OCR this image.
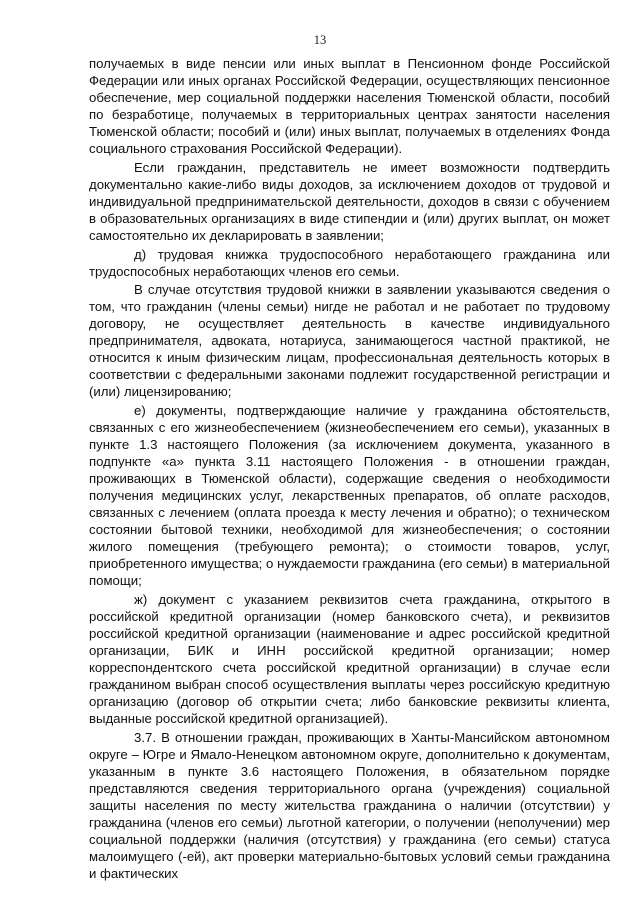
13

получаемых в виде пенсии или иных выплат в Пенсионном фонде Российской Федерации или иных органах Российской Федерации, осуществляющих пенсионное обеспечение, мер социальной поддержки населения Тюменской области, пособий по безработице, получаемых в территориальных центрах занятости населения Тюменской области; пособий и (или) иных выплат, получаемых в отделениях Фонда социального страхования Российской Федерации).

Если гражданин, представитель не имеет возможности подтвердить документально какие-либо виды доходов, за исключением доходов от трудовой и индивидуальной предпринимательской деятельности, доходов в связи с обучением в образовательных организациях в виде стипендии и (или) других выплат, он может самостоятельно их декларировать в заявлении;

д) трудовая книжка трудоспособного неработающего гражданина или трудоспособных неработающих членов его семьи.

В случае отсутствия трудовой книжки в заявлении указываются сведения о том, что гражданин (члены семьи) нигде не работал и не работает по трудовому договору, не осуществляет деятельность в качестве индивидуального предпринимателя, адвоката, нотариуса, занимающегося частной практикой, не относится к иным физическим лицам, профессиональная деятельность которых в соответствии с федеральными законами подлежит государственной регистрации и (или) лицензированию;

е) документы, подтверждающие наличие у гражданина обстоятельств, связанных с его жизнеобеспечением (жизнеобеспечением его семьи), указанных в пункте 1.3 настоящего Положения (за исключением документа, указанного в подпункте «а» пункта 3.11 настоящего Положения - в отношении граждан, проживающих в Тюменской области), содержащие сведения о необходимости получения медицинских услуг, лекарственных препаратов, об оплате расходов, связанных с лечением (оплата проезда к месту лечения и обратно); о техническом состоянии бытовой техники, необходимой для жизнеобеспечения; о состоянии жилого помещения (требующего ремонта); о стоимости товаров, услуг, приобретенного имущества; о нуждаемости гражданина (его семьи) в материальной помощи;

ж) документ с указанием реквизитов счета гражданина, открытого в российской кредитной организации (номер банковского счета), и реквизитов российской кредитной организации (наименование и адрес российской кредитной организации, БИК и ИНН российской кредитной организации; номер корреспондентского счета российской кредитной организации) в случае если гражданином выбран способ осуществления выплаты через российскую кредитную организацию (договор об открытии счета; либо банковские реквизиты клиента, выданные российской кредитной организацией).

3.7. В отношении граждан, проживающих в Ханты-Мансийском автономном округе – Югре и Ямало-Ненецком автономном округе, дополнительно к документам, указанным в пункте 3.6 настоящего Положения, в обязательном порядке представляются сведения территориального органа (учреждения) социальной защиты населения по месту жительства гражданина о наличии (отсутствии) у гражданина (членов его семьи) льготной категории, о получении (неполучении) мер социальной поддержки (наличия (отсутствия) у гражданина (его семьи) статуса малоимущего (-ей), акт проверки материально-бытовых условий семьи гражданина и фактических
